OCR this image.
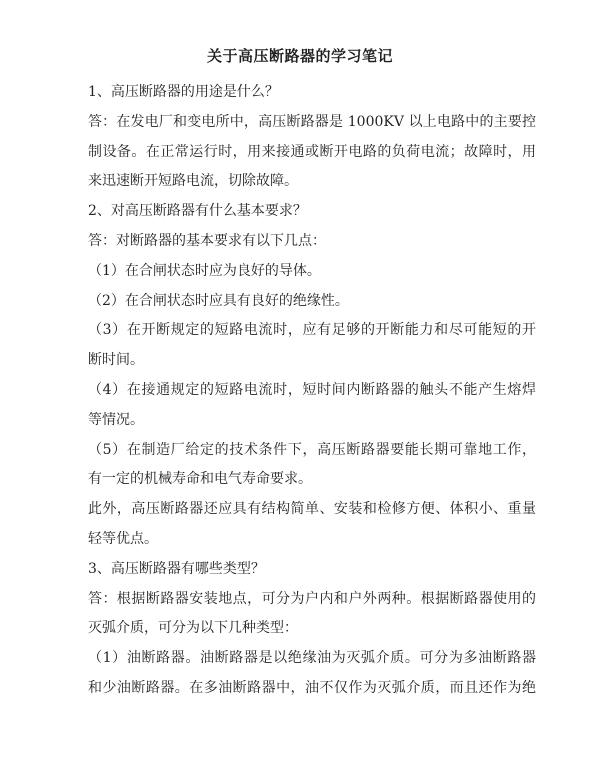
关于高压断路器的学习笔记
1、高压断路器的用途是什么？
答：在发电厂和变电所中，高压断路器是 1000KV 以上电路中的主要控
制设备。在正常运行时，用来接通或断开电路的负荷电流；故障时，用
来迅速断开短路电流，切除故障。
2、对高压断路器有什么基本要求？
答：对断路器的基本要求有以下几点：
（1）在合闸状态时应为良好的导体。
（2）在合闸状态时应具有良好的绝缘性。
（3）在开断规定的短路电流时，应有足够的开断能力和尽可能短的开
断时间。
（4）在接通规定的短路电流时，短时间内断路器的触头不能产生熔焊
等情况。
（5）在制造厂给定的技术条件下，高压断路器要能长期可靠地工作，
有一定的机械寿命和电气寿命要求。
此外，高压断路器还应具有结构简单、安装和检修方便、体积小、重量
轻等优点。
3、高压断路器有哪些类型？
答：根据断路器安装地点，可分为户内和户外两种。根据断路器使用的
灭弧介质，可分为以下几种类型：
（1）油断路器。油断路器是以绝缘油为灭弧介质。可分为多油断路器
和少油断路器。在多油断路器中，油不仅作为灭弧介质，而且还作为绝
